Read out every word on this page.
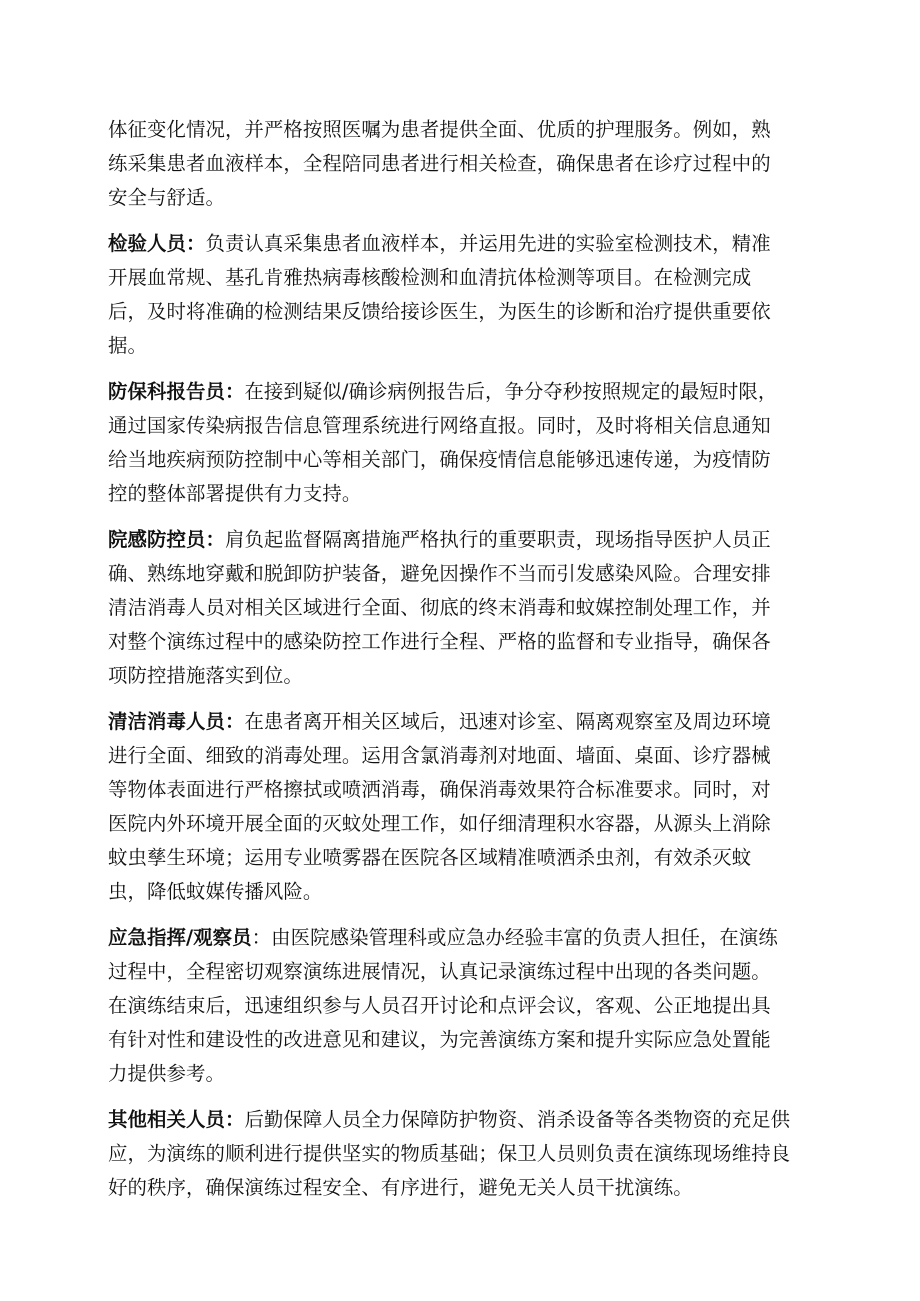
体征变化情况，并严格按照医嘱为患者提供全面、优质的护理服务。例如，熟
练采集患者血液样本，全程陪同患者进行相关检查，确保患者在诊疗过程中的
安全与舒适。

检验人员：负责认真采集患者血液样本，并运用先进的实验室检测技术，精准
开展血常规、基孔肯雅热病毒核酸检测和血清抗体检测等项目。在检测完成
后，及时将准确的检测结果反馈给接诊医生，为医生的诊断和治疗提供重要依
据。

防保科报告员：在接到疑似/确诊病例报告后，争分夺秒按照规定的最短时限，
通过国家传染病报告信息管理系统进行网络直报。同时，及时将相关信息通知
给当地疾病预防控制中心等相关部门，确保疫情信息能够迅速传递，为疫情防
控的整体部署提供有力支持。

院感防控员：肩负起监督隔离措施严格执行的重要职责，现场指导医护人员正
确、熟练地穿戴和脱卸防护装备，避免因操作不当而引发感染风险。合理安排
清洁消毒人员对相关区域进行全面、彻底的终末消毒和蚊媒控制处理工作，并
对整个演练过程中的感染防控工作进行全程、严格的监督和专业指导，确保各
项防控措施落实到位。

清洁消毒人员：在患者离开相关区域后，迅速对诊室、隔离观察室及周边环境
进行全面、细致的消毒处理。运用含氯消毒剂对地面、墙面、桌面、诊疗器械
等物体表面进行严格擦拭或喷洒消毒，确保消毒效果符合标准要求。同时，对
医院内外环境开展全面的灭蚊处理工作，如仔细清理积水容器，从源头上消除
蚊虫孳生环境；运用专业喷雾器在医院各区域精准喷洒杀虫剂，有效杀灭蚊
虫，降低蚊媒传播风险。

应急指挥/观察员：由医院感染管理科或应急办经验丰富的负责人担任，在演练
过程中，全程密切观察演练进展情况，认真记录演练过程中出现的各类问题。
在演练结束后，迅速组织参与人员召开讨论和点评会议，客观、公正地提出具
有针对性和建设性的改进意见和建议，为完善演练方案和提升实际应急处置能
力提供参考。

其他相关人员：后勤保障人员全力保障防护物资、消杀设备等各类物资的充足供
应，为演练的顺利进行提供坚实的物质基础；保卫人员则负责在演练现场维持良
好的秩序，确保演练过程安全、有序进行，避免无关人员干扰演练。
